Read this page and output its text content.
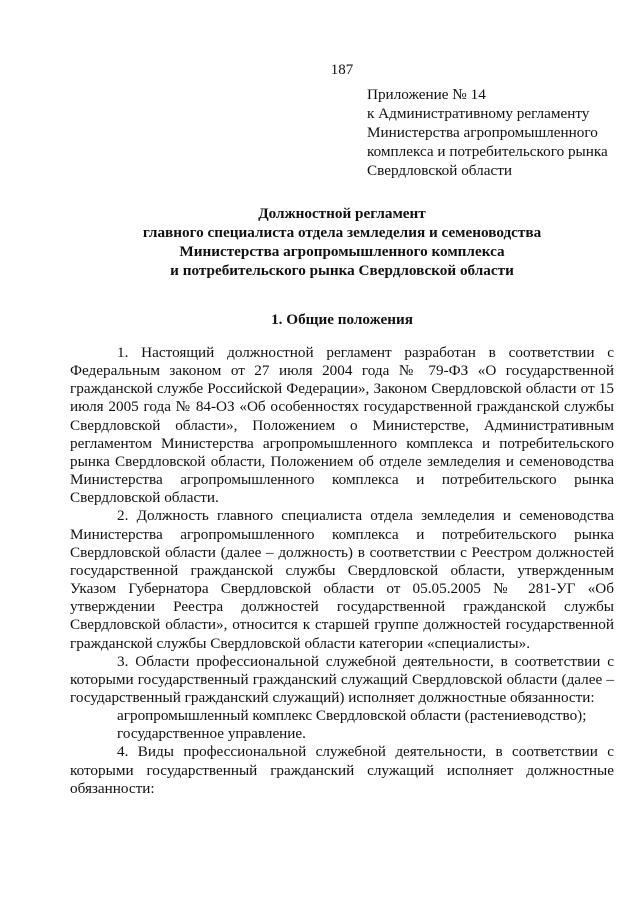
187
Приложение № 14
к Административному регламенту
Министерства агропромышленного
комплекса и потребительского рынка
Свердловской области
Должностной регламент
главного специалиста отдела земледелия и семеноводства
Министерства агропромышленного комплекса
и потребительского рынка Свердловской области
1. Общие положения

1. Настоящий должностной регламент разработан в соответствии с Федеральным законом от 27 июля 2004 года № 79-ФЗ «О государственной гражданской службе Российской Федерации», Законом Свердловской области от 15 июля 2005 года № 84-ОЗ «Об особенностях государственной гражданской службы Свердловской области», Положением о Министерстве, Административным регламентом Министерства агропромышленного комплекса и потребительского рынка Свердловской области, Положением об отделе земледелия и семеноводства Министерства агропромышленного комплекса и потребительского рынка Свердловской области.

2. Должность главного специалиста отдела земледелия и семеноводства Министерства агропромышленного комплекса и потребительского рынка Свердловской области (далее – должность) в соответствии с Реестром должностей государственной гражданской службы Свердловской области, утвержденным Указом Губернатора Свердловской области от 05.05.2005 № 281-УГ «Об утверждении Реестра должностей государственной гражданской службы Свердловской области», относится к старшей группе должностей государственной гражданской службы Свердловской области категории «специалисты».

3. Области профессиональной служебной деятельности, в соответствии с которыми государственный гражданский служащий Свердловской области (далее – государственный гражданский служащий) исполняет должностные обязанности:

агропромышленный комплекс Свердловской области (растениеводство);

государственное управление.

4. Виды профессиональной служебной деятельности, в соответствии с которыми государственный гражданский служащий исполняет должностные обязанности:
